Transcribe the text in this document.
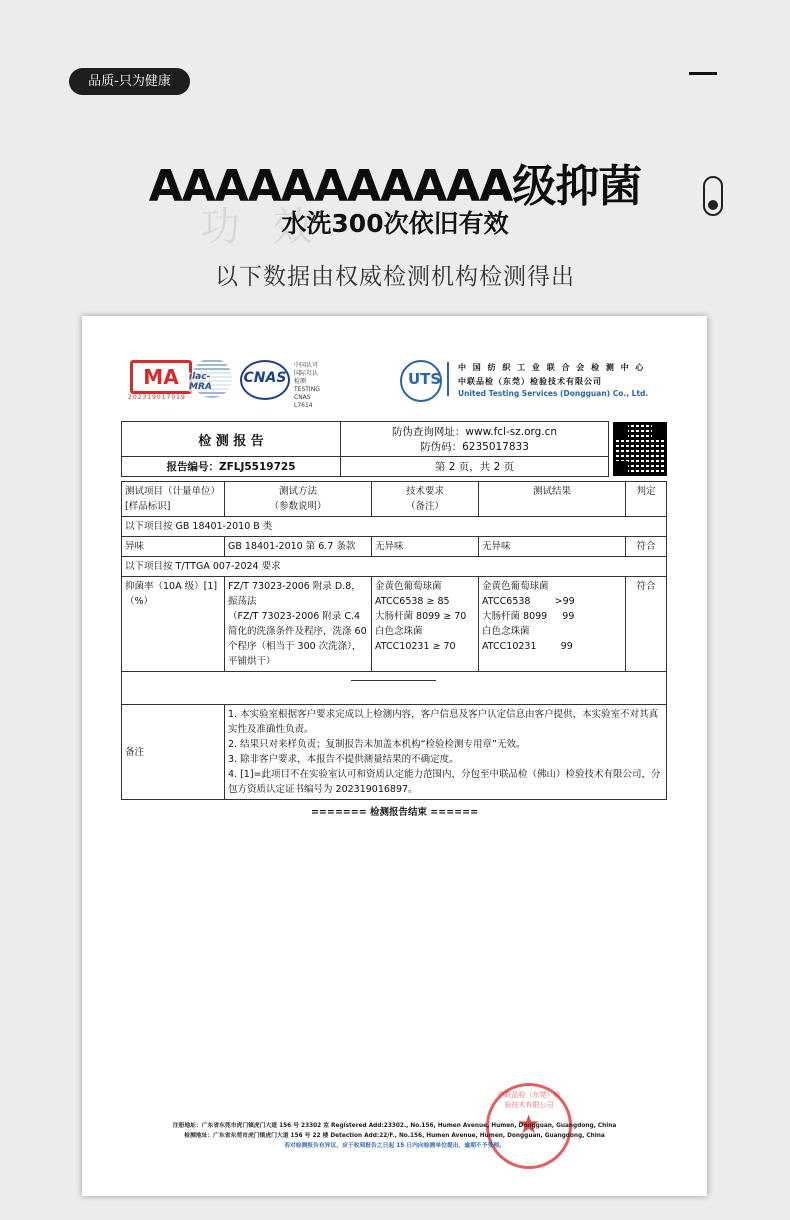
品质-只为健康
功 效
AAAAAAAAAAA级抑菌
水洗300次依旧有效
以下数据由权威检测机构检测得出
MA
202319017019
ilac-MRA
CNAS
中国认可
国际互认
检测
TESTING
CNAS L7614
UTS
中 国 纺 织 工 业 联 合 会 检 测 中 心
中联品检（东莞）检验技术有限公司
United Testing Services (Dongguan) Co., Ltd.
检 测 报 告	防伪查询网址：www.fcl-sz.org.cn
防伪码：6235017833

报告编号：ZFLJ5519725	第 2 页，共 2 页
测试项目（计量单位）
[样品标识]	测试方法
（参数说明）	技术要求
（备注）	测试结果	判定
以下项目按 GB 18401-2010 B 类				
异味	GB 18401-2010 第 6.7 条款	无异味	无异味	符合
以下项目按 T/TTGA 007-2024 要求				
抑菌率（10A 级）[1]
（%）	FZ/T 73023-2006 附录 D.8，振荡法
（FZ/T 73023-2006 附录 C.4 简化的洗涤条件及程序，洗涤 60 个程序（相当于 300 次洗涤），平铺烘干）	金黄色葡萄球菌
ATCC6538 ≥ 85
大肠杆菌 8099 ≥ 70
白色念珠菌
ATCC10231 ≥ 70	金黄色葡萄球菌
ATCC6538        >99
大肠杆菌 8099     99
白色念珠菌
ATCC10231        99	符合

备注	1. 本实验室根据客户要求完成以上检测内容，客户信息及客户认定信息由客户提供，本实验室不对其真实性及准确性负责。
2. 结果只对来样负责；复制报告未加盖本机构“检验检测专用章”无效。
3. 除非客户要求，本报告不提供测量结果的不确定度。
4. [1]=此项目不在实验室认可和资质认定能力范围内，分包至中联品检（佛山）检验技术有限公司，分包方资质认定证书编号为 202319016897。			
======= 检测报告结束 ======
中联品检（东莞）检验技术有限公司
★
注册地址：广东省东莞市虎门镇虎门大道 156 号 23302 室 Registered Add:23302., No.156, Humen Avenue, Humen, Dongguan, Guangdong, China
检测地址：广东省东莞市虎门镇虎门大道 156 号 22 楼 Detection Add:22/F., No.156, Humen Avenue, Humen, Dongguan, Guangdong, China
若对检测报告有异议，应于收到报告之日起 15 日内向检测单位提出，逾期不予受理。
